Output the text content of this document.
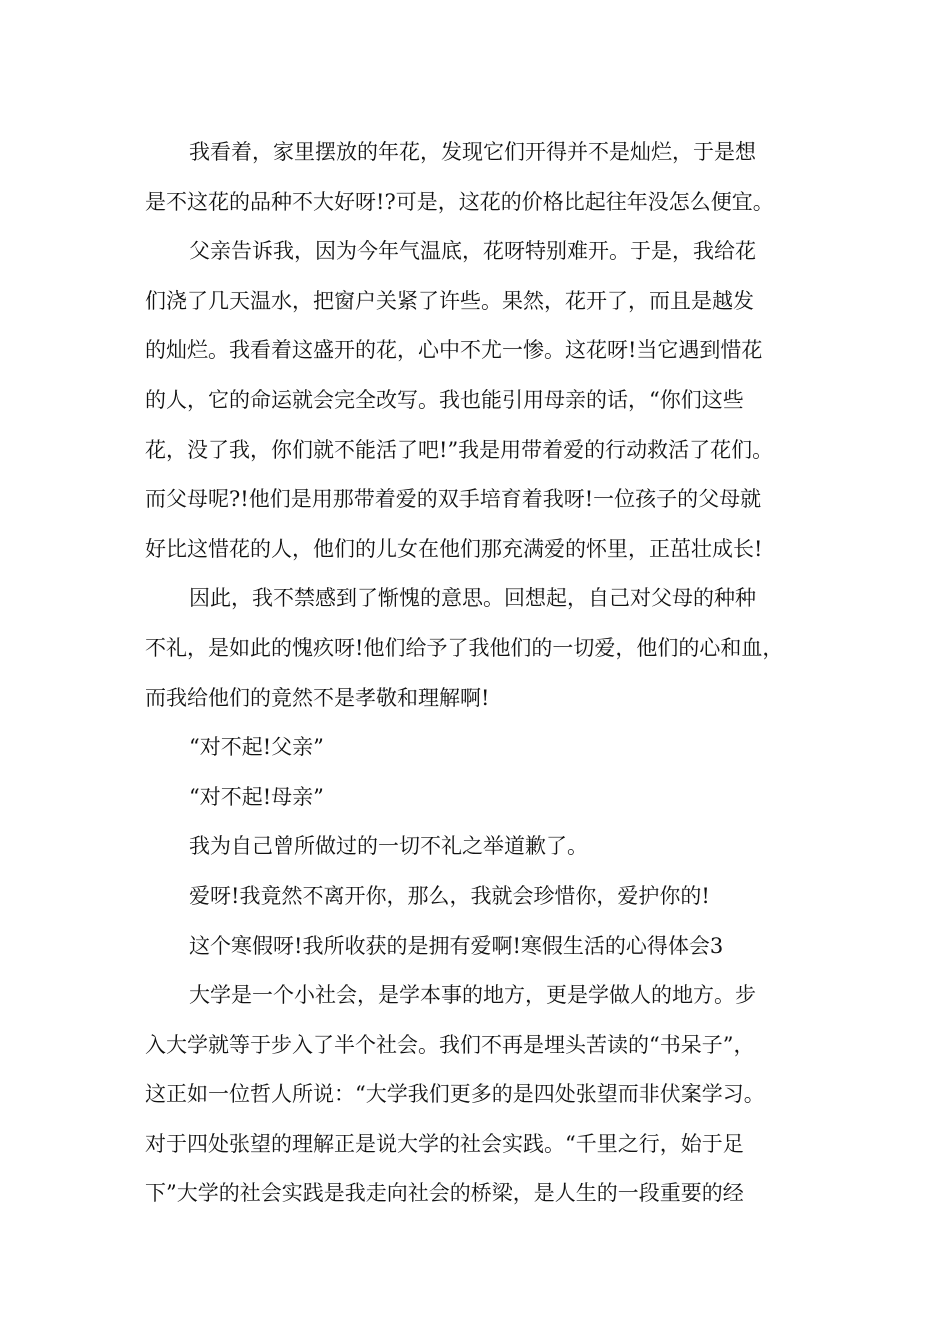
我看着，家里摆放的年花，发现它们开得并不是灿烂，于是想
是不这花的品种不大好呀!?可是，这花的价格比起往年没怎么便宜。
父亲告诉我，因为今年气温底，花呀特别难开。于是，我给花
们浇了几天温水，把窗户关紧了许些。果然，花开了，而且是越发
的灿烂。我看着这盛开的花，心中不尤一惨。这花呀!当它遇到惜花
的人，它的命运就会完全改写。我也能引用母亲的话，“你们这些
花，没了我，你们就不能活了吧!”我是用带着爱的行动救活了花们。
而父母呢?!他们是用那带着爱的双手培育着我呀!一位孩子的父母就
好比这惜花的人，他们的儿女在他们那充满爱的怀里，正茁壮成长!
因此，我不禁感到了惭愧的意思。回想起，自己对父母的种种
不礼，是如此的愧疚呀!他们给予了我他们的一切爱，他们的心和血，
而我给他们的竟然不是孝敬和理解啊!
“对不起!父亲”
“对不起!母亲”
我为自己曾所做过的一切不礼之举道歉了。
爱呀!我竟然不离开你，那么，我就会珍惜你，爱护你的!
这个寒假呀!我所收获的是拥有爱啊!寒假生活的心得体会3
大学是一个小社会，是学本事的地方，更是学做人的地方。步
入大学就等于步入了半个社会。我们不再是埋头苦读的“书呆子”，
这正如一位哲人所说：“大学我们更多的是四处张望而非伏案学习。
对于四处张望的理解正是说大学的社会实践。“千里之行，始于足
下”大学的社会实践是我走向社会的桥梁，是人生的一段重要的经
